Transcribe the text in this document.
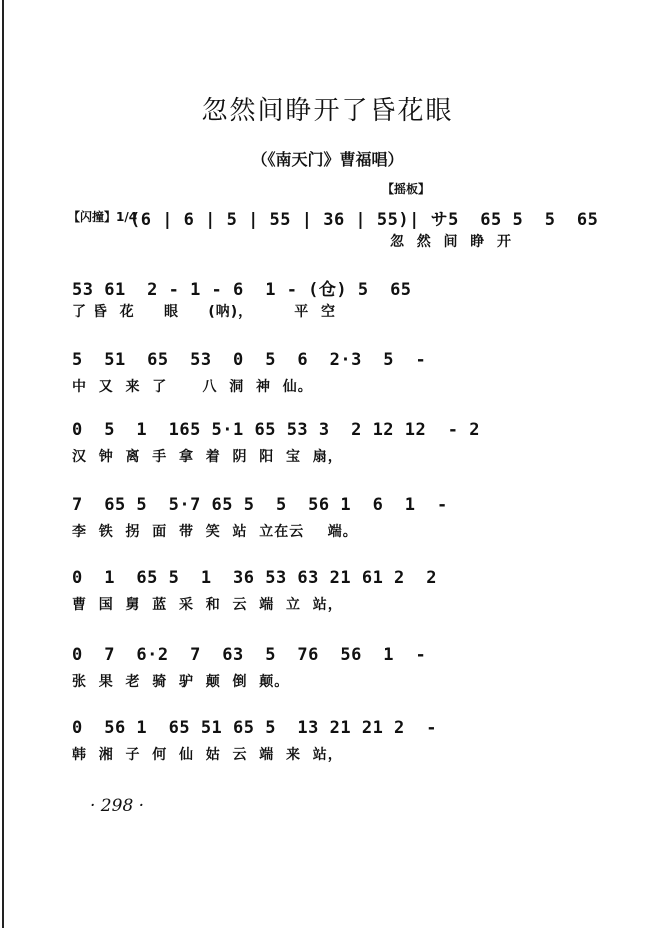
忽然间睁开了昏花眼
（《南天门》曹福唱）
【摇板】
【闪撞】1/4
(6 | 6 | 5 | 55 | 36 | 55)| サ5  65 5  5  65
忽  然  间  睁  开
53 61  2 - 1 - 6  1 - (仓) 5  65
了 昏  花     眼     (呐)，       平  空
5  51  65  53  0  5  6  2·3  5  -
中  又  来  了      八  洞  神  仙。
0  5  1  165 5·1 65 53 3  2 12 12  - 2
汉  钟  离  手  拿  着  阴  阳  宝  扇，
7  65 5  5·7 65 5  5  56 1  6  1  -
李  铁  拐  面  带  笑  站  立在云    端。
0  1  65 5  1  36 53 63 21 61 2  2
曹  国  舅  蓝  采  和  云  端  立  站，
0  7  6·2  7  63  5  76  56  1  -
张  果  老  骑  驴  颠  倒  颠。
0  56 1  65 51 65 5  13 21 21 2  -
韩  湘  子  何  仙  姑  云  端  来  站，
· 298 ·
